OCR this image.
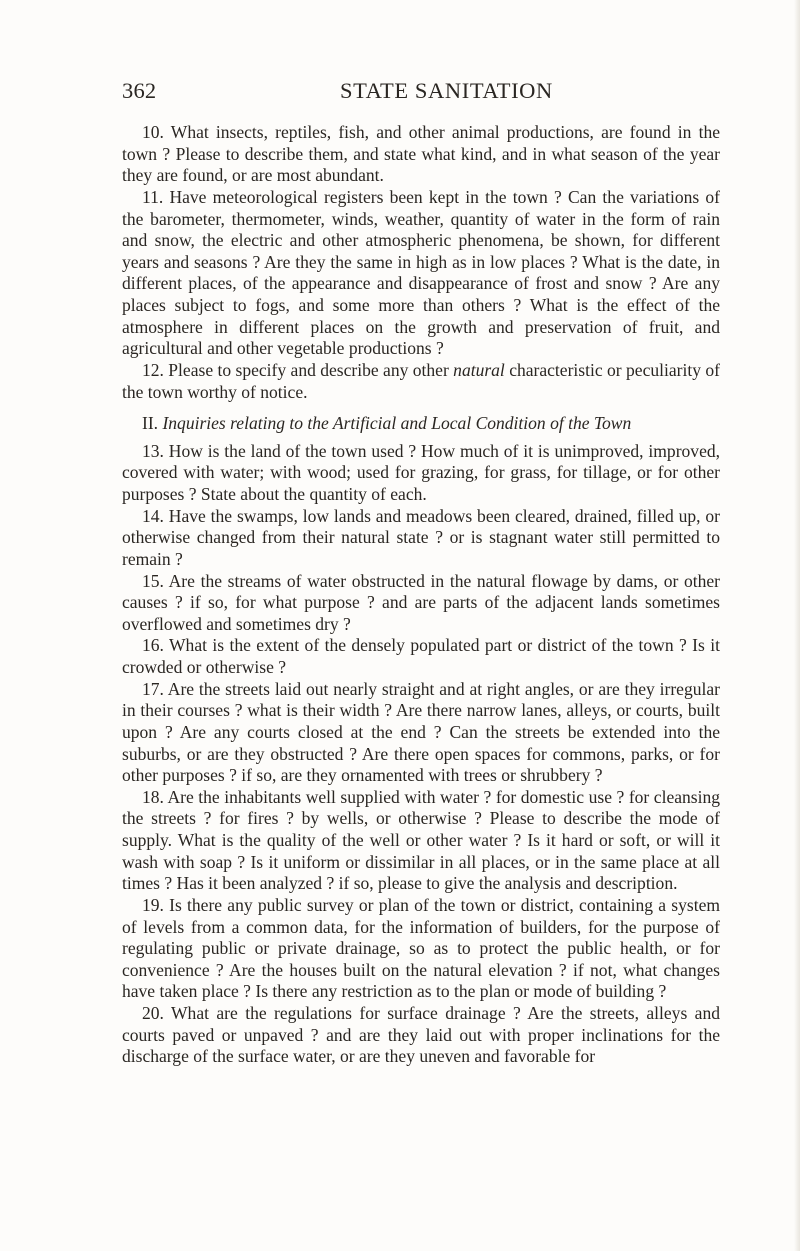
362	STATE SANITATION

10. What insects, reptiles, fish, and other animal productions, are found in the town ? Please to describe them, and state what kind, and in what season of the year they are found, or are most abundant.

11. Have meteorological registers been kept in the town ? Can the variations of the barometer, thermometer, winds, weather, quantity of water in the form of rain and snow, the electric and other atmospheric phenomena, be shown, for different years and seasons ? Are they the same in high as in low places ? What is the date, in different places, of the appearance and disappearance of frost and snow ? Are any places subject to fogs, and some more than others ? What is the effect of the atmosphere in different places on the growth and preservation of fruit, and agricultural and other vegetable productions ?

12. Please to specify and describe any other natural characteristic or peculiarity of the town worthy of notice.

II. Inquiries relating to the Artificial and Local Condition of the Town

13. How is the land of the town used ? How much of it is unimproved, improved, covered with water; with wood; used for grazing, for grass, for tillage, or for other purposes ? State about the quantity of each.

14. Have the swamps, low lands and meadows been cleared, drained, filled up, or otherwise changed from their natural state ? or is stagnant water still permitted to remain ?

15. Are the streams of water obstructed in the natural flowage by dams, or other causes ? if so, for what purpose ? and are parts of the adjacent lands sometimes overflowed and sometimes dry ?

16. What is the extent of the densely populated part or district of the town ? Is it crowded or otherwise ?

17. Are the streets laid out nearly straight and at right angles, or are they irregular in their courses ? what is their width ? Are there narrow lanes, alleys, or courts, built upon ? Are any courts closed at the end ? Can the streets be extended into the suburbs, or are they obstructed ? Are there open spaces for commons, parks, or for other purposes ? if so, are they ornamented with trees or shrubbery ?

18. Are the inhabitants well supplied with water ? for domestic use ? for cleansing the streets ? for fires ? by wells, or otherwise ? Please to describe the mode of supply. What is the quality of the well or other water ? Is it hard or soft, or will it wash with soap ? Is it uniform or dissimilar in all places, or in the same place at all times ? Has it been analyzed ? if so, please to give the analysis and description.

19. Is there any public survey or plan of the town or district, containing a system of levels from a common data, for the information of builders, for the purpose of regulating public or private drainage, so as to protect the public health, or for convenience ? Are the houses built on the natural elevation ? if not, what changes have taken place ? Is there any restriction as to the plan or mode of building ?

20. What are the regulations for surface drainage ? Are the streets, alleys and courts paved or unpaved ? and are they laid out with proper inclinations for the discharge of the surface water, or are they uneven and favorable for
